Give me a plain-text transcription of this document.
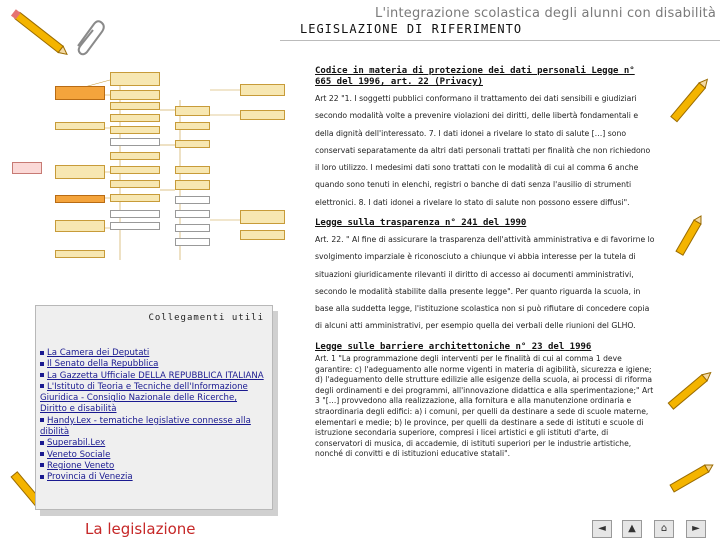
L'integrazione scolastica degli alunni con disabilità
LEGISLAZIONE DI RIFERIMENTO
Collegamenti utili
La Camera dei Deputati
Il Senato della Repubblica
La Gazzetta Ufficiale DELLA REPUBBLICA ITALIANA
L'Istituto di Teoria e Tecniche dell'Informazione Giuridica - Consiglio Nazionale delle Ricerche, Diritto e disabilità
Handy.Lex - tematiche legislative connesse alla dibilità
Superabil.Lex
Veneto Sociale
Regione Veneto
Provincia di Venezia
Codice in materia di protezione dei dati personali Legge n° 665 del 1996, art. 22 (Privacy)
Art 22 "1. I soggetti pubblici conformano il trattamento dei dati sensibili e giudiziari secondo modalità volte a prevenire violazioni dei diritti, delle libertà fondamentali e della dignità dell'interessato. 7. I dati idonei a rivelare lo stato di salute […] sono conservati separatamente da altri dati personali trattati per finalità che non richiedono il loro utilizzo. I medesimi dati sono trattati con le modalità di cui al comma 6 anche quando sono tenuti in elenchi, registri o banche di dati senza l'ausilio di strumenti elettronici. 8. I dati idonei a rivelare lo stato di salute non possono essere diffusi".
Legge sulla trasparenza n° 241 del 1990
Art. 22. " Al fine di assicurare la trasparenza dell'attività amministrativa e di favorirne lo svolgimento imparziale è riconosciuto a chiunque vi abbia interesse per la tutela di situazioni giuridicamente rilevanti il diritto di accesso ai documenti amministrativi, secondo le modalità stabilite dalla presente legge". Per quanto riguarda la scuola, in base alla suddetta legge, l'istituzione scolastica non si può rifiutare di concedere copia di alcuni atti amministrativi, per esempio quella dei verbali delle riunioni del GLHO.
Legge sulle barriere architettoniche n° 23 del 1996
Art. 1 "La programmazione degli interventi per le finalità di cui al comma 1 deve garantire: c) l'adeguamento alle norme vigenti in materia di agibilità, sicurezza e igiene; d) l'adeguamento delle strutture edilizie alle esigenze della scuola, ai processi di riforma degli ordinamenti e dei programmi, all'innovazione didattica e alla sperimentazione;" Art 3 "[…] provvedono alla realizzazione, alla fornitura e alla manutenzione ordinaria e straordinaria degli edifici: a) i comuni, per quelli da destinare a sede di scuole materne, elementari e medie; b) le province, per quelli da destinare a sede di istituti e scuole di istruzione secondaria superiore, compresi i licei artistici e gli istituti d'arte, di conservatori di musica, di accademie, di istituti superiori per le industrie artistiche, nonché di convitti e di istituzioni educative statali".
La legislazione	◄	▲	⌂	►
